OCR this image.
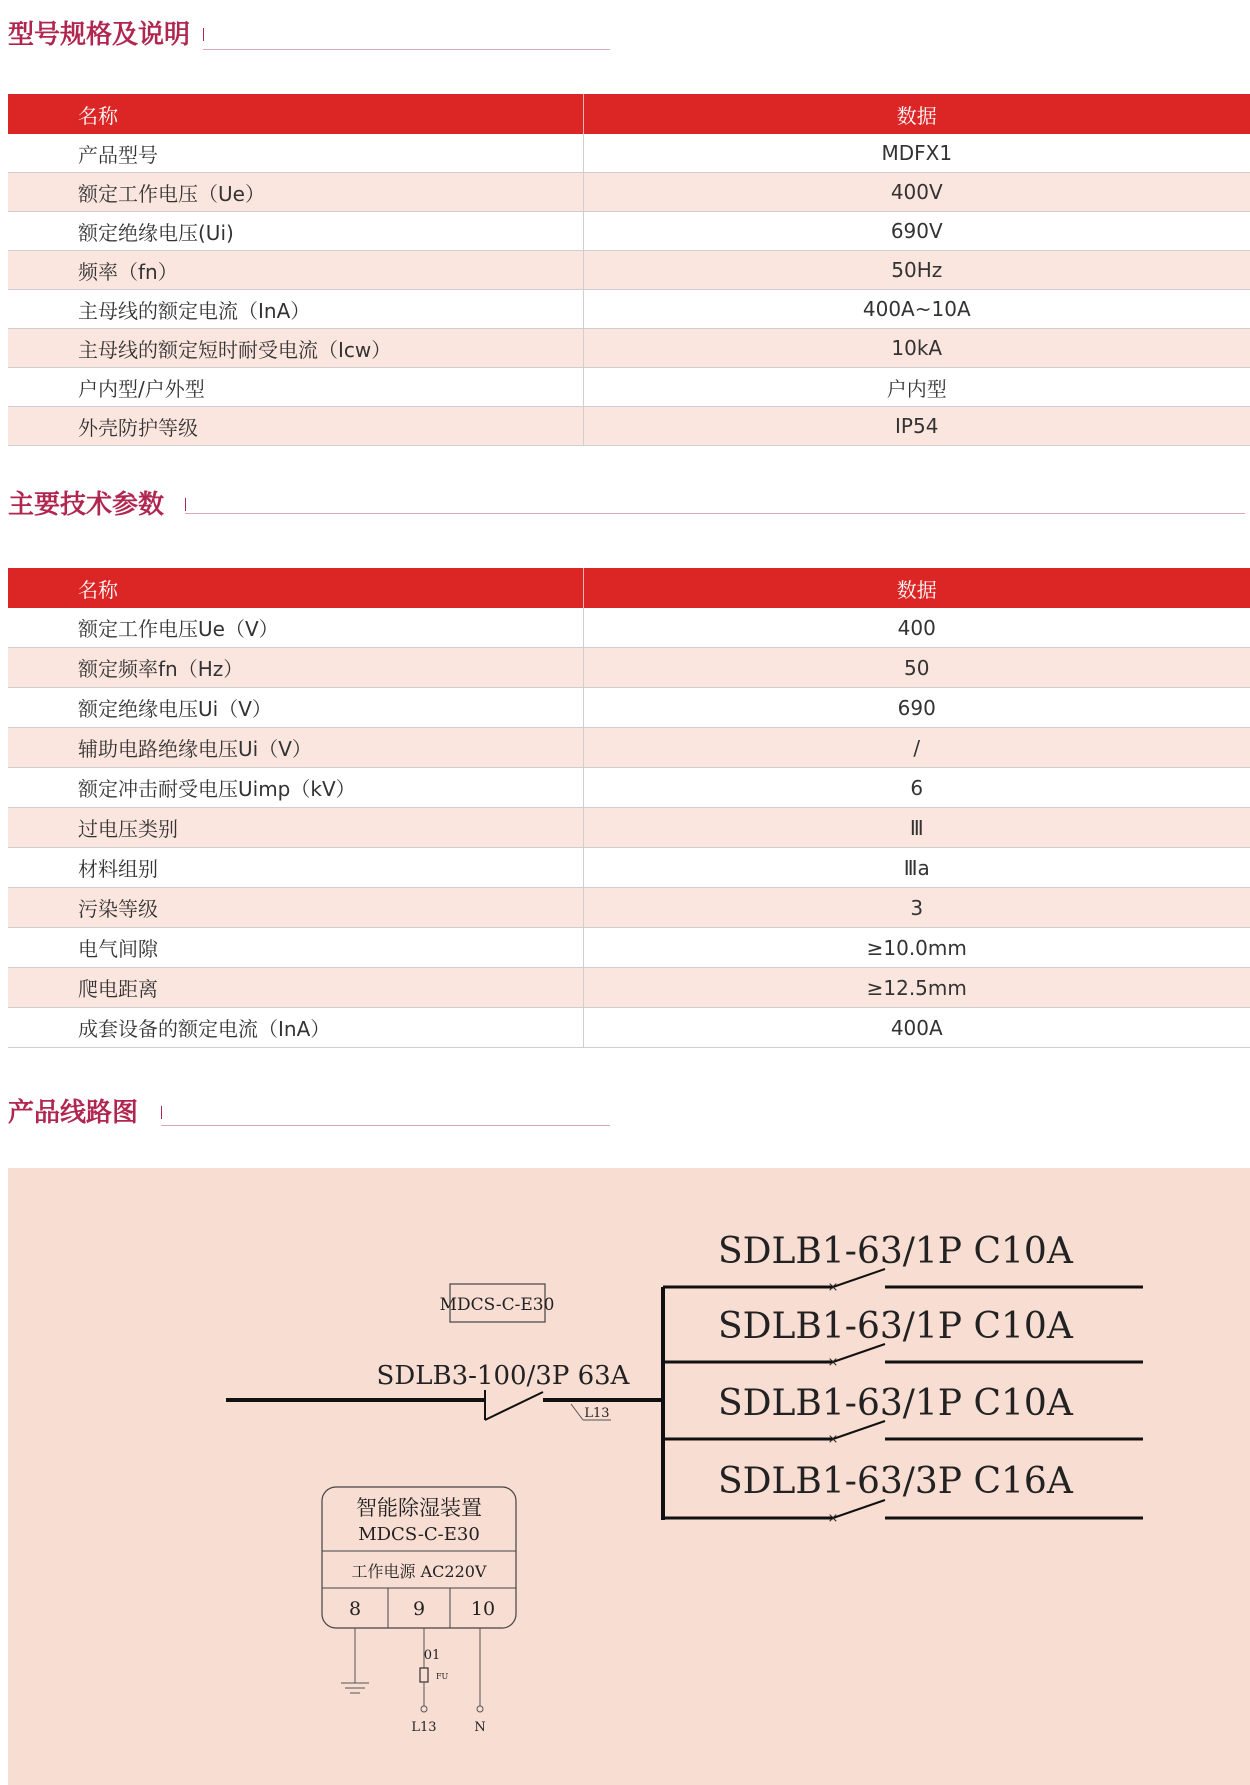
型号规格及说明
名称	数据
产品型号	MDFX1
额定工作电压（Ue）	400V
额定绝缘电压(Ui)	690V
频率（fn）	50Hz
主母线的额定电流（InA）	400A~10A
主母线的额定短时耐受电流（Icw）	10kA
户内型/户外型	户内型
外壳防护等级	IP54
主要技术参数
名称	数据
额定工作电压Ue（V）	400
额定频率fn（Hz）	50
额定绝缘电压Ui（V）	690
辅助电路绝缘电压Ui（V）	/
额定冲击耐受电压Uimp（kV）	6
过电压类别	Ⅲ
材料组别	Ⅲa
污染等级	3
电气间隙	≥10.0mm
爬电距离	≥12.5mm
成套设备的额定电流（InA）	400A
产品线路图
MDCS-C-E30
SDLB3-100/3P 63A
L13
×
SDLB1-63/1P C10A
×
SDLB1-63/1P C10A
×
SDLB1-63/1P C10A
×
SDLB1-63/3P C16A
智能除湿装置
MDCS-C-E30
工作电源 AC220V
8	9 10
01
FU
L13	N
